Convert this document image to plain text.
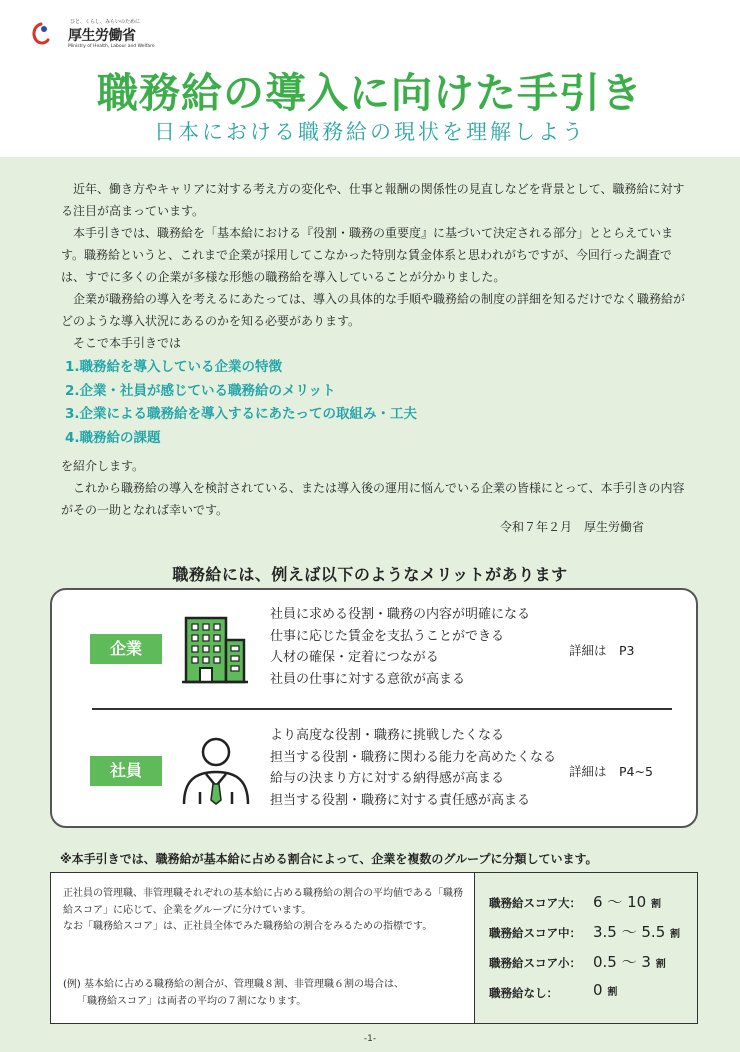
ひと、くらし、みらいのために
厚生労働省
Ministry of Health, Labour and Welfare
職務給の導入に向けた手引き
日本における職務給の現状を理解しよう

近年、働き方やキャリアに対する考え方の変化や、仕事と報酬の関係性の見直しなどを背景として、職務給に対する注目が高まっています。

本手引きでは、職務給を「基本給における『役割・職務の重要度』に基づいて決定される部分」ととらえています。職務給というと、これまで企業が採用してこなかった特別な賃金体系と思われがちですが、今回行った調査では、すでに多くの企業が多様な形態の職務給を導入していることが分かりました。

企業が職務給の導入を考えるにあたっては、導入の具体的な手順や職務給の制度の詳細を知るだけでなく職務給がどのような導入状況にあるのかを知る必要があります。

そこで本手引きでは

1.職務給を導入している企業の特徴
2.企業・社員が感じている職務給のメリット
3.企業による職務給を導入するにあたっての取組み・工夫
4.職務給の課題

を紹介します。

これから職務給の導入を検討されている、または導入後の運用に悩んでいる企業の皆様にとって、本手引きの内容がその一助となれば幸いです。

令和７年２月　厚生労働省
職務給には、例えば以下のようなメリットがあります
企業
社員に求める役割・職務の内容が明確になる
仕事に応じた賃金を支払うことができる
人材の確保・定着につながる
社員の仕事に対する意欲が高まる
詳細は　P3
社員
より高度な役割・職務に挑戦したくなる
担当する役割・職務に関わる能力を高めたくなる
給与の決まり方に対する納得感が高まる
担当する役割・職務に対する責任感が高まる
詳細は　P4~5
※本手引きでは、職務給が基本給に占める割合によって、企業を複数のグループに分類しています。

正社員の管理職、非管理職それぞれの基本給に占める職務給の割合の平均値である「職務給スコア」に応じて、企業をグループに分けています。

なお「職務給スコア」は、正社員全体でみた職務給の割合をみるための指標です。

(例) 基本給に占める職務給の割合が、管理職８割、非管理職６割の場合は、

「職務給スコア」は両者の平均の７割になります。

職務給スコア大： 6 〜 10 割
職務給スコア中： 3.5 〜 5.5 割
職務給スコア小： 0.5 〜 3 割
職務給なし： 0 割
-1-
